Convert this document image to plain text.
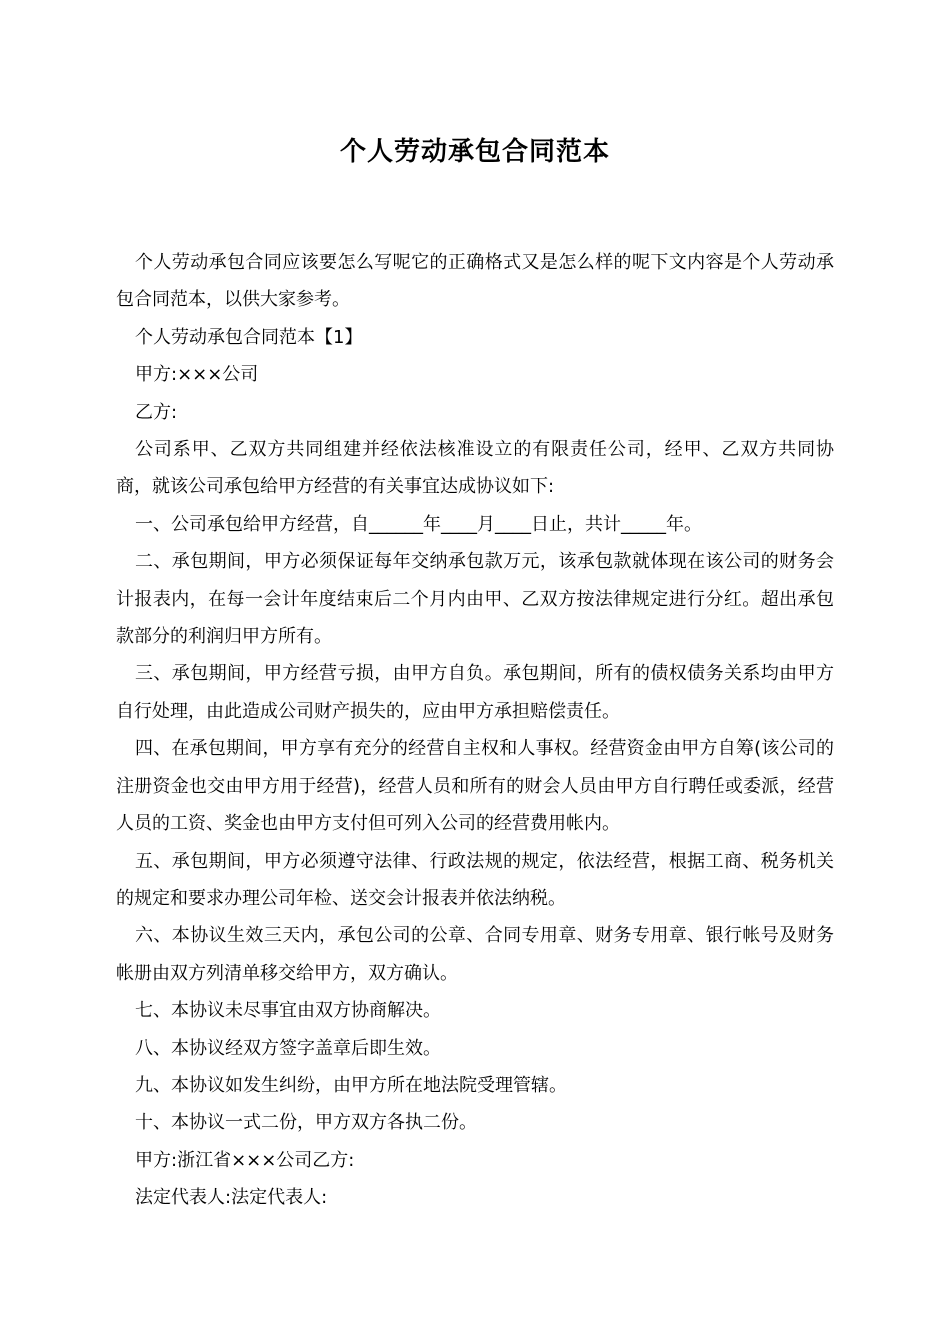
个人劳动承包合同范本

个人劳动承包合同应该要怎么写呢它的正确格式又是怎么样的呢下文内容是个人劳动承包合同范本，以供大家参考。

个人劳动承包合同范本【1】

甲方:×××公司

乙方:

公司系甲、乙双方共同组建并经依法核准设立的有限责任公司，经甲、乙双方共同协商，就该公司承包给甲方经营的有关事宜达成协议如下:

一、公司承包给甲方经营，自______年____月____日止，共计_____年。

二、承包期间，甲方必须保证每年交纳承包款万元，该承包款就体现在该公司的财务会计报表内，在每一会计年度结束后二个月内由甲、乙双方按法律规定进行分红。超出承包款部分的利润归甲方所有。

三、承包期间，甲方经营亏损，由甲方自负。承包期间，所有的债权债务关系均由甲方自行处理，由此造成公司财产损失的，应由甲方承担赔偿责任。

四、在承包期间，甲方享有充分的经营自主权和人事权。经营资金由甲方自筹(该公司的注册资金也交由甲方用于经营)，经营人员和所有的财会人员由甲方自行聘任或委派，经营人员的工资、奖金也由甲方支付但可列入公司的经营费用帐内。

五、承包期间，甲方必须遵守法律、行政法规的规定，依法经营，根据工商、税务机关的规定和要求办理公司年检、送交会计报表并依法纳税。

六、本协议生效三天内，承包公司的公章、合同专用章、财务专用章、银行帐号及财务帐册由双方列清单移交给甲方，双方确认。

七、本协议未尽事宜由双方协商解决。

八、本协议经双方签字盖章后即生效。

九、本协议如发生纠纷，由甲方所在地法院受理管辖。

十、本协议一式二份，甲方双方各执二份。

甲方:浙江省×××公司乙方:

法定代表人:法定代表人:
